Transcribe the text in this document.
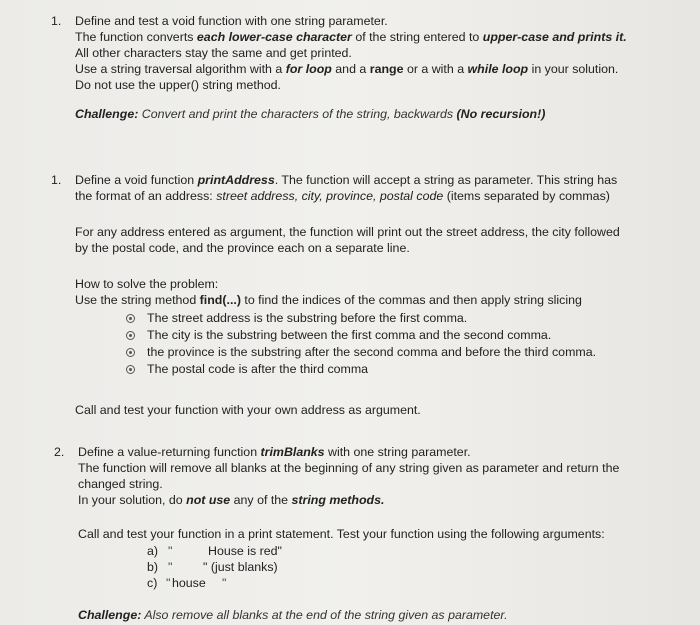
1. Define and test a void function with one string parameter.
The function converts each lower-case character of the string entered to upper-case and prints it.
All other characters stay the same and get printed.
Use a string traversal algorithm with a for loop and a range or a with a while loop in your solution.
Do not use the upper() string method.
Challenge: Convert and print the characters of the string, backwards (No recursion!)
1. Define a void function printAddress. The function will accept a string as parameter. This string has
the format of an address: street address, city, province, postal code (items separated by commas)
For any address entered as argument, the function will print out the street address, the city followed
by the postal code, and the province each on a separate line.
How to solve the problem:
Use the string method find(...) to find the indices of the commas and then apply string slicing
The street address is the substring before the first comma.
The city is the substring between the first comma and the second comma.
the province is the substring after the second comma and before the third comma.
The postal code is after the third comma
Call and test your function with your own address as argument.
2. Define a value-returning function trimBlanks with one string parameter.
The function will remove all blanks at the beginning of any string given as parameter and return the
changed string.
In your solution, do not use any of the string methods.
Call and test your function in a print statement. Test your function using the following arguments:
a) "	House is red"
b) " " (just blanks)
c) " house "
Challenge: Also remove all blanks at the end of the string given as parameter.
